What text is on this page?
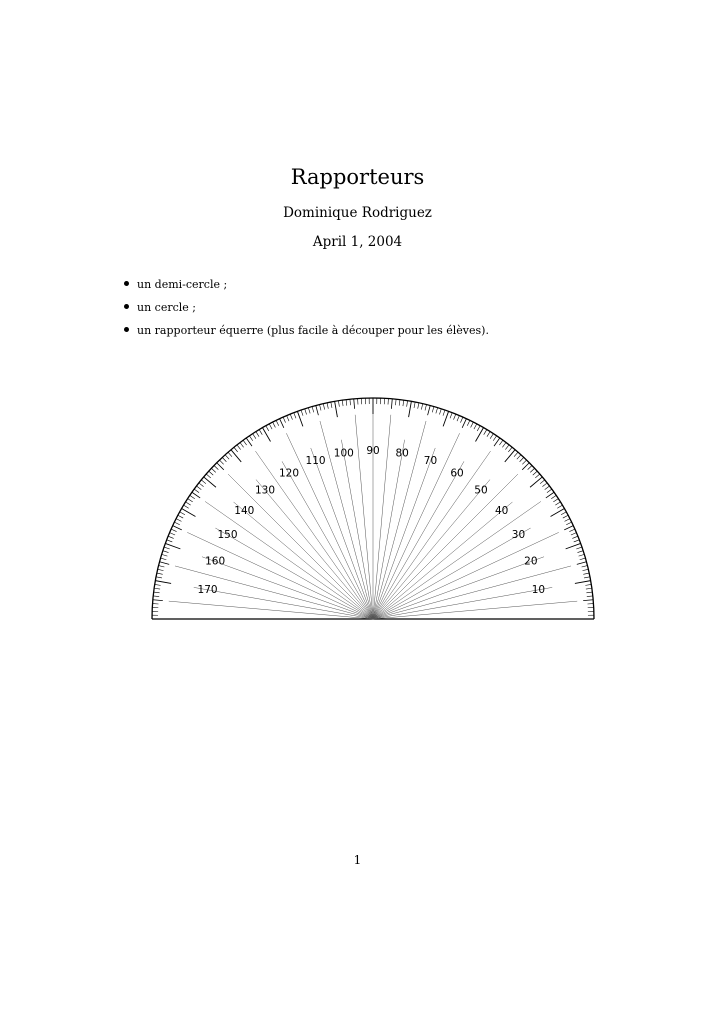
Rapporteurs
Dominique Rodriguez
April 1, 2004
un demi-cercle ;
un cercle ;
un rapporteur équerre (plus facile à découper pour les élèves).
10
20
30
40
50
60
70
80
90
100
110
120
130
140
150
160
170
1
